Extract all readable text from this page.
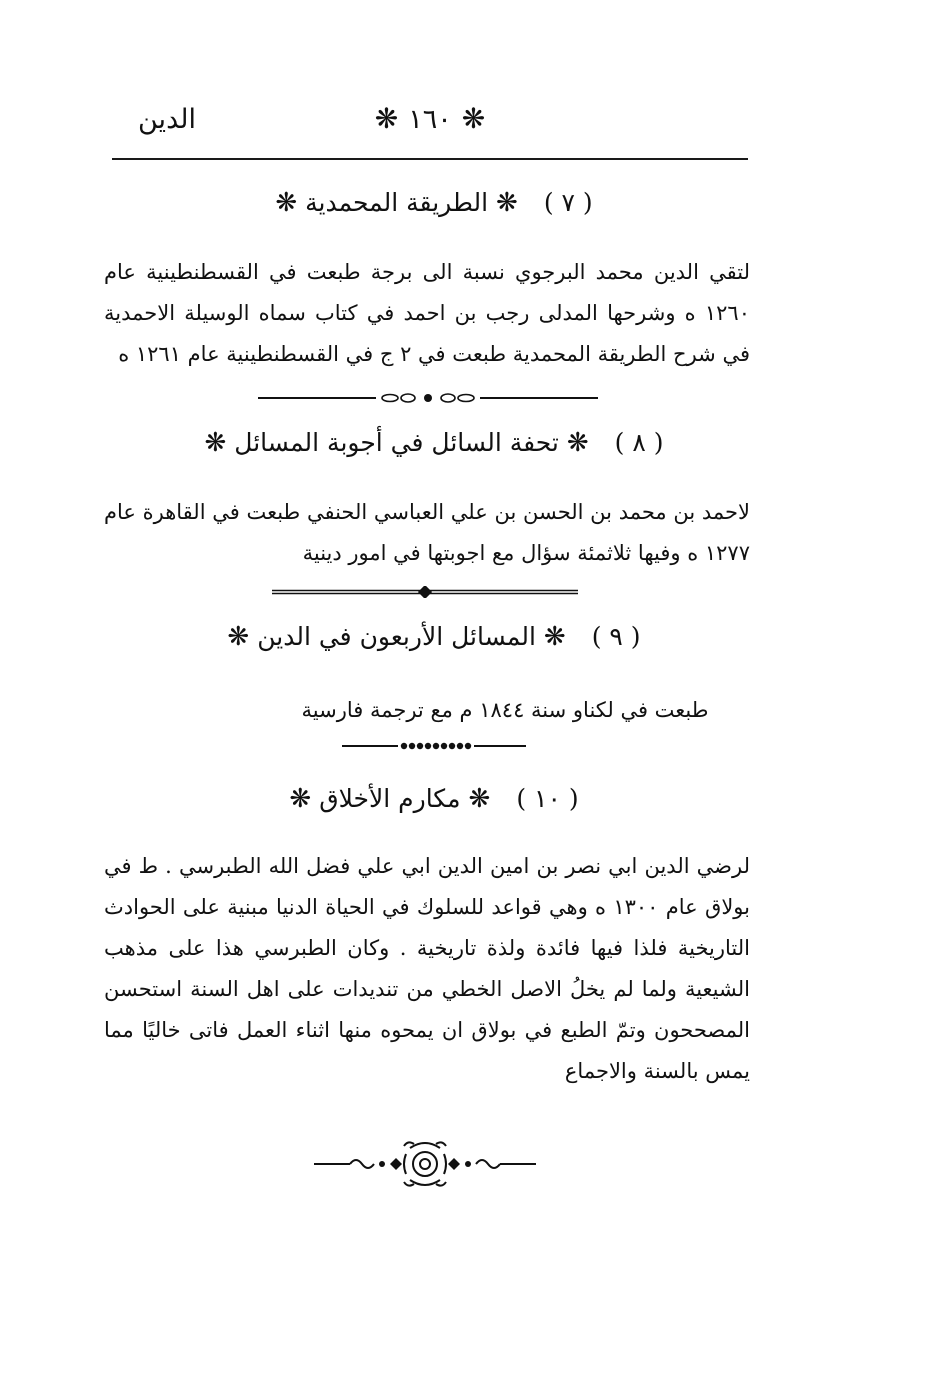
الدين	❋١٦٠❋
( ٧ )❋الطريقة المحمدية❋
لتقي الدين محمد البرجوي نسبة الى برجة طبعت في القسطنطينية عام ١٢٦٠ ه وشرحها المدلى رجب بن احمد في كتاب سماه الوسيلة الاحمدية في شرح الطريقة المحمدية طبعت في ٢ ج في القسطنطينية عام ١٢٦١ ه
( ٨ )❋تحفة السائل في أجوبة المسائل❋
لاحمد بن محمد بن الحسن بن علي العباسي الحنفي طبعت في القاهرة عام ١٢٧٧ ه وفيها ثلاثمئة سؤال مع اجوبتها في امور دينية
( ٩ )❋المسائل الأربعون في الدين❋
طبعت في لكناو سنة ١٨٤٤ م مع ترجمة فارسية
( ١٠ )❋مكارم الأخلاق❋
لرضي الدين ابي نصر بن امين الدين ابي علي فضل الله الطبرسي . ط في بولاق عام ١٣٠٠ ه وهي قواعد للسلوك في الحياة الدنيا مبنية على الحوادث التاريخية فلذا فيها فائدة ولذة تاريخية . وكان الطبرسي هذا على مذهب الشيعية ولما لم يخلُ الاصل الخطي من تنديدات على اهل السنة استحسن المصححون وتمّ الطبع في بولاق ان يمحوه منها اثناء العمل فاتى خاليًا مما يمس بالسنة والاجماع
